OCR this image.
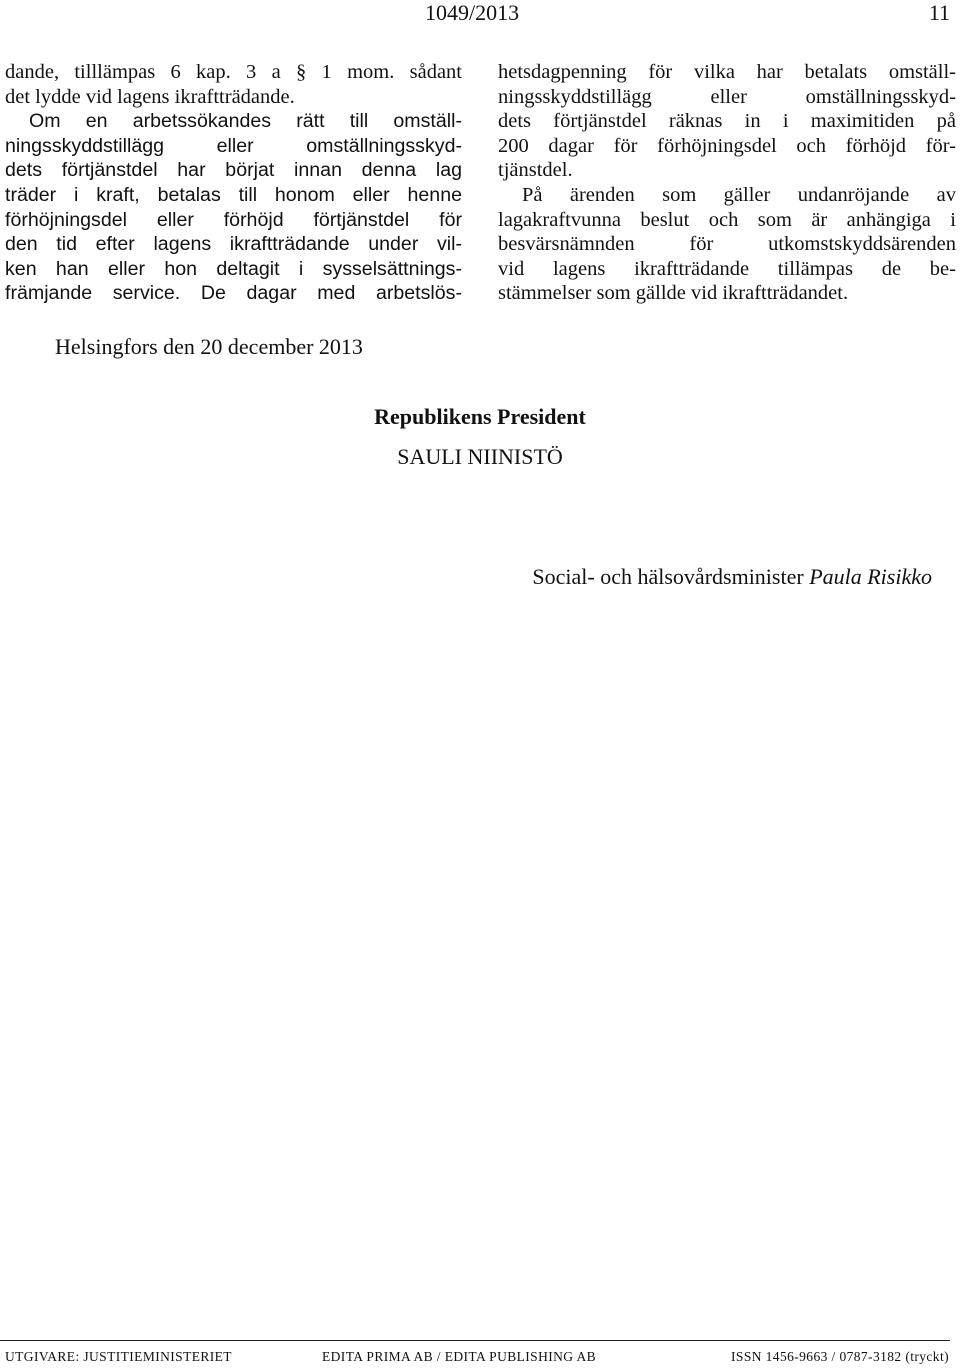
1049/2013	11
dande, tilllämpas 6 kap. 3 a § 1 mom. sådant
det lydde vid lagens ikraftträdande.
Om en arbetssökandes rätt till omställ-
ningsskyddstillägg eller omställningsskyd-
dets förtjänstdel har börjat innan denna lag
träder i kraft, betalas till honom eller henne
förhöjningsdel eller förhöjd förtjänstdel för
den tid efter lagens ikraftträdande under vil-
ken han eller hon deltagit i sysselsättnings-
främjande service. De dagar med arbetslös-
hetsdagpenning för vilka har betalats omställ-
ningsskyddstillägg eller omställningsskyd-
dets förtjänstdel räknas in i maximitiden på
200 dagar för förhöjningsdel och förhöjd för-
tjänstdel.
På ärenden som gäller undanröjande av
lagakraftvunna beslut och som är anhängiga i
besvärsnämnden för utkomstskyddsärenden
vid lagens ikraftträdande tillämpas de be-
stämmelser som gällde vid ikraftträdandet.
Helsingfors den 20 december 2013
Republikens President
SAULI NIINISTÖ
Social- och hälsovårdsminister Paula Risikko
UTGIVARE: JUSTITIEMINISTERIET	EDITA PRIMA AB / EDITA PUBLISHING AB	ISSN 1456-9663 / 0787-3182 (tryckt)
